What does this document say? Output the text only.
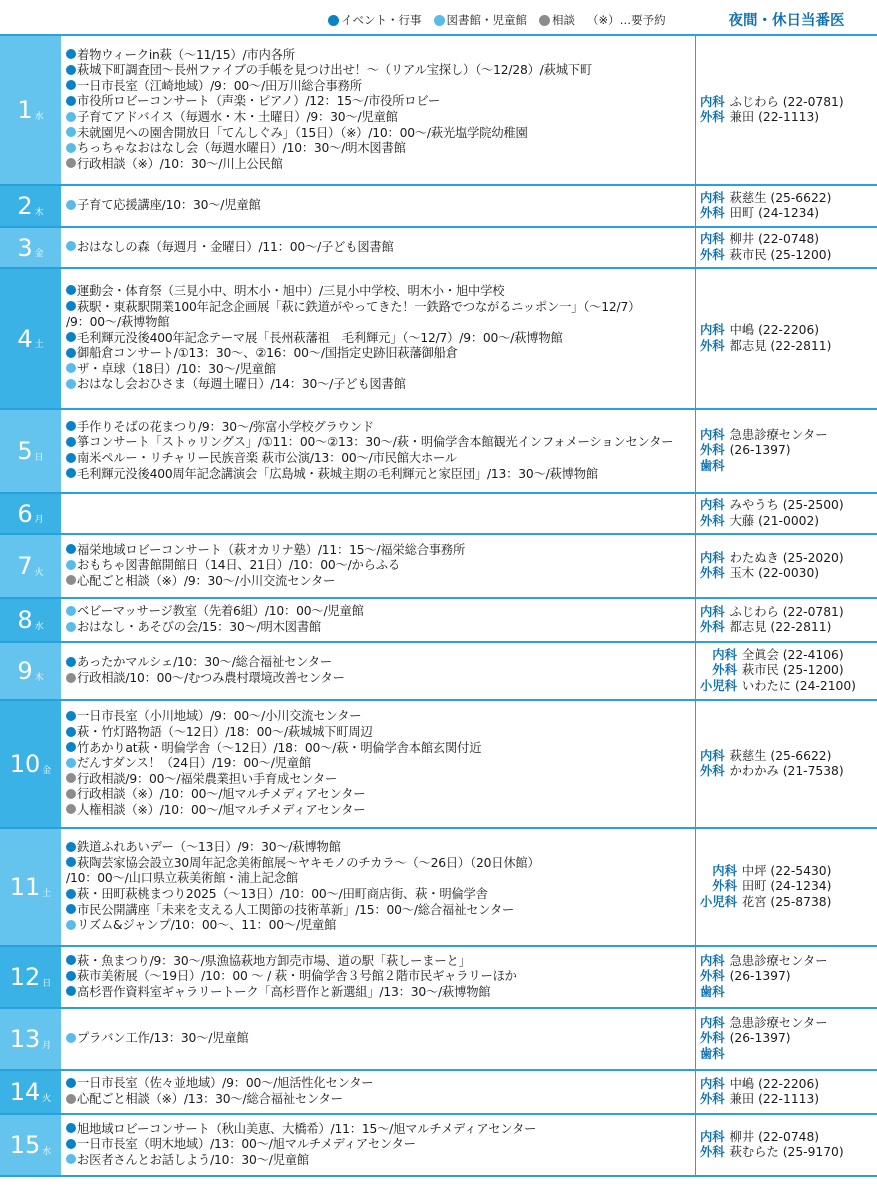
イベント・行事 図書館・児童館 相談 （※）…要予約	夜間・休日当番医
1 水
着物ウィークin萩（～11/15）/市内各所
萩城下町調査団～長州ファイブの手帳を見つけ出せ！～（リアル宝探し）（～12/28）/萩城下町
一日市長室（江崎地域）/9：00～/田万川総合事務所
市役所ロビーコンサート（声楽・ピアノ）/12：15～/市役所ロビー
子育てアドバイス（毎週水・木・土曜日）/9：30～/児童館
未就園児への園舎開放日「てんしぐみ」（15日）（※）/10：00～/萩光塩学院幼稚園
ちっちゃなおはなし会（毎週水曜日）/10：30～/明木図書館
行政相談（※）/10：30～/川上公民館
内科 ふじわら (22-0781)
外科 兼田 (22-1113)
2 木
子育て応援講座/10：30～/児童館
内科 萩慈生 (25-6622)
外科 田町 (24-1234)
3 金
おはなしの森（毎週月・金曜日）/11：00～/子ども図書館
内科 柳井 (22-0748)
外科 萩市民 (25-1200)
4 土
運動会・体育祭（三見小中、明木小・旭中）/三見小中学校、明木小・旭中学校
萩駅・東萩駅開業100年記念企画展「萩に鉄道がやってきた！一鉄路でつながるニッポン一」（～12/7）
/9：00～/萩博物館
毛利輝元没後400年記念テーマ展「長州萩藩祖　毛利輝元」（～12/7）/9：00～/萩博物館
御船倉コンサート/①13：30～、②16：00～/国指定史跡旧萩藩御船倉
ザ・卓球（18日）/10：30～/児童館
おはなし会おひさま（毎週土曜日）/14：30～/子ども図書館
内科 中嶋 (22-2206)
外科 都志見 (22-2811)
5 日
手作りそばの花まつり/9：30～/弥富小学校グラウンド
箏コンサート「ストゥリングス」/①11：00～②13：30～/萩・明倫学舎本館観光インフォメーションセンター
南米ペルー・リチャリー民族音楽 萩市公演/13：00～/市民館大ホール
毛利輝元没後400周年記念講演会「広島城・萩城主期の毛利輝元と家臣団」/13：30～/萩博物館
内科 急患診療センター
外科 (26-1397)
歯科
6 月
内科 みやうち (25-2500)
外科 大藤 (21-0002)
7 火
福栄地域ロビーコンサート（萩オカリナ塾）/11：15～/福栄総合事務所
おもちゃ図書館開館日（14日、21日）/10：00～/からふる
心配ごと相談（※）/9：30～/小川交流センター
内科 わたぬき (25-2020)
外科 玉木 (22-0030)
8 水
ベビーマッサージ教室（先着6組）/10：00～/児童館
おはなし・あそびの会/15：30～/明木図書館
内科 ふじわら (22-0781)
外科 都志見 (22-2811)
9 木
あったかマルシェ/10：30～/総合福祉センター
行政相談/10：00～/むつみ農村環境改善センター
内科 全眞会 (22-4106)
外科 萩市民 (25-1200)
小児科 いわたに (24-2100)
10 金
一日市長室（小川地域）/9：00～/小川交流センター
萩・竹灯路物語（～12日）/18：00～/萩城城下町周辺
竹あかりat萩・明倫学舎（～12日）/18：00～/萩・明倫学舎本館玄関付近
だんすダンス！（24日）/19：00～/児童館
行政相談/9：00～/福栄農業担い手育成センター
行政相談（※）/10：00～/旭マルチメディアセンター
人権相談（※）/10：00～/旭マルチメディアセンター
内科 萩慈生 (25-6622)
外科 かわかみ (21-7538)
11 土
鉄道ふれあいデー（～13日）/9：30～/萩博物館
萩陶芸家協会設立30周年記念美術館展～ヤキモノのチカラ～（～26日）（20日休館）
/10：00～/山口県立萩美術館・浦上記念館
萩・田町萩桃まつり2025（～13日）/10：00～/田町商店街、萩・明倫学舎
市民公開講座「未来を支える人工関節の技術革新」/15：00～/総合福祉センター
リズム&ジャンプ/10：00～、11：00～/児童館
内科 中坪 (22-5430)
外科 田町 (24-1234)
小児科 花宮 (25-8738)
12 日
萩・魚まつり/9：30～/県漁協萩地方卸売市場、道の駅「萩しーまーと」
萩市美術展（～19日）/10：00 ～ / 萩・明倫学舎３号館２階市民ギャラリーほか
高杉晋作資料室ギャラリートーク「高杉晋作と新選組」/13：30～/萩博物館
内科 急患診療センター
外科 (26-1397)
歯科
13 月
プラバン工作/13：30～/児童館
内科 急患診療センター
外科 (26-1397)
歯科
14 火
一日市長室（佐々並地域）/9：00～/旭活性化センター
心配ごと相談（※）/13：30～/総合福祉センター
内科 中嶋 (22-2206)
外科 兼田 (22-1113)
15 水
旭地域ロビーコンサート（秋山美恵、大橋希）/11：15～/旭マルチメディアセンター
一日市長室（明木地域）/13：00～/旭マルチメディアセンター
お医者さんとお話しよう/10：30～/児童館
内科 柳井 (22-0748)
外科 萩むらた (25-9170)
